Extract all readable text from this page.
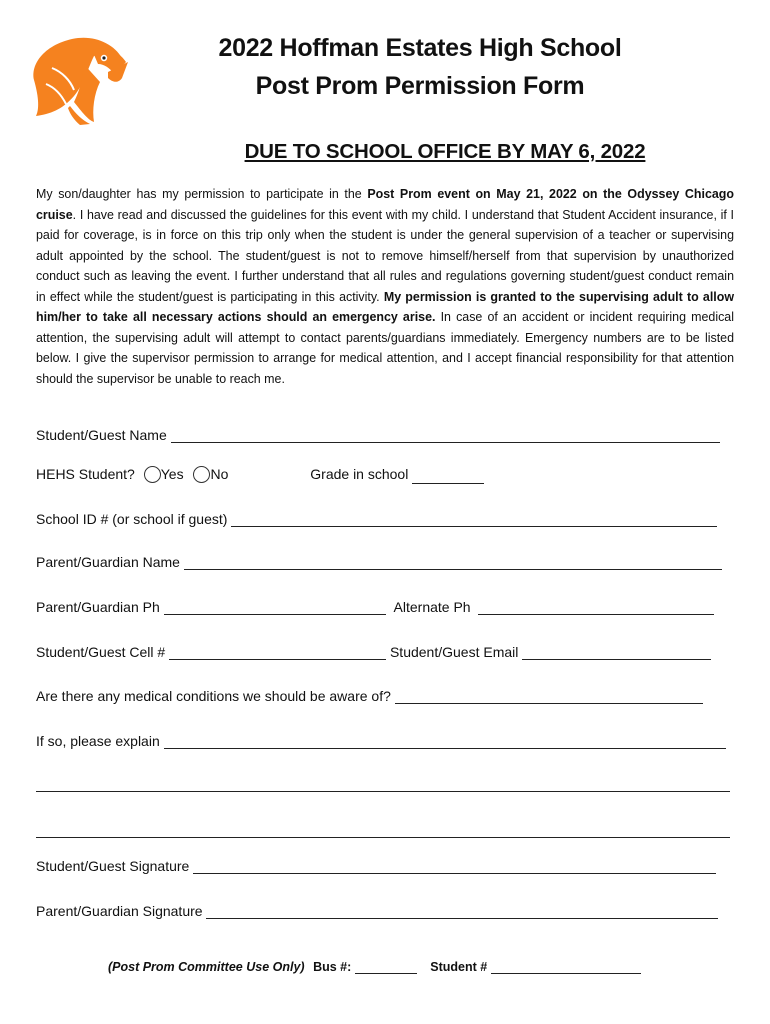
2022 Hoffman Estates High School
Post Prom Permission Form
DUE TO SCHOOL OFFICE BY MAY 6, 2022
My son/daughter has my permission to participate in the Post Prom event on May 21, 2022 on the Odyssey Chicago cruise. I have read and discussed the guidelines for this event with my child. I understand that Student Accident insurance, if I paid for coverage, is in force on this trip only when the student is under the general supervision of a teacher or supervising adult appointed by the school. The student/guest is not to remove himself/herself from that supervision by unauthorized conduct such as leaving the event. I further understand that all rules and regulations governing student/guest conduct remain in effect while the student/guest is participating in this activity. My permission is granted to the supervising adult to allow him/her to take all necessary actions should an emergency arise. In case of an accident or incident requiring medical attention, the supervising adult will attempt to contact parents/guardians immediately. Emergency numbers are to be listed below. I give the supervisor permission to arrange for medical attention, and I accept financial responsibility for that attention should the supervisor be unable to reach me.
Student/Guest Name
HEHS Student? Yes No	Grade in school
School ID # (or school if guest)
Parent/Guardian Name
Parent/Guardian Ph	Alternate Ph
Student/Guest Cell #	Student/Guest Email
Are there any medical conditions we should be aware of?
If so, please explain
Student/Guest Signature
Parent/Guardian Signature
(Post Prom Committee Use Only) Bus #:	Student #
